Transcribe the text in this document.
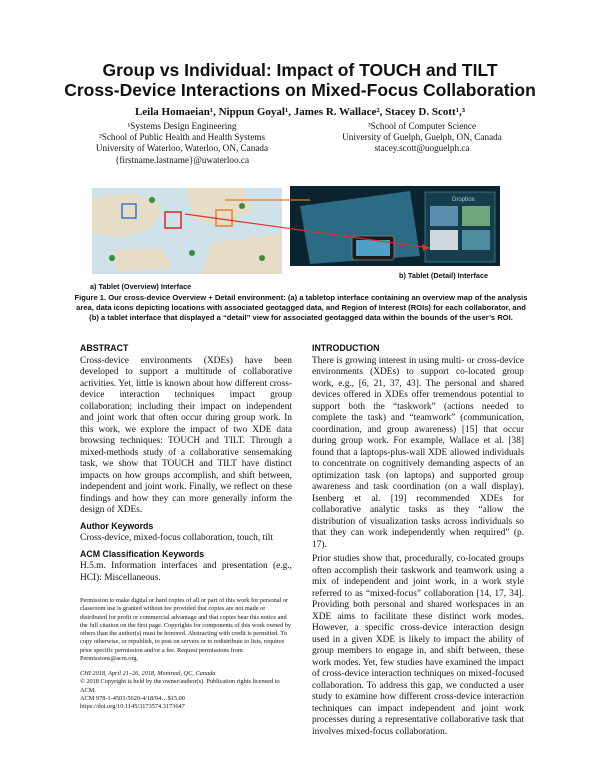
Group vs Individual: Impact of TOUCH and TILT
Cross-Device Interactions on Mixed-Focus Collaboration
Leila Homaeian¹, Nippun Goyal¹, James R. Wallace², Stacey D. Scott¹,³
¹Systems Design Engineering
²School of Public Health and Health Systems
University of Waterloo, Waterloo, ON, Canada
{firstname.lastname}@uwaterloo.ca
³School of Computer Science
University of Guelph, Guelph, ON, Canada
stacey.scott@uoguelph.ca
Dropbox
a) Tablet (Overview) Interface
b) Tablet (Detail) Interface
Figure 1. Our cross-device Overview + Detail environment: (a) a tabletop interface containing an overview map of the analysis area, data icons depicting locations with associated geotagged data, and Region of Interest (ROIs) for each collaborator, and (b) a tablet interface that displayed a “detail” view for associated geotagged data within the bounds of the user’s ROI.
ABSTRACT

Cross-device environments (XDEs) have been developed to support a multitude of collaborative activities. Yet, little is known about how different cross-device interaction techniques impact group collaboration; including their impact on independent and joint work that often occur during group work. In this work, we explore the impact of two XDE data browsing techniques: TOUCH and TILT. Through a mixed-methods study of a collaborative sensemaking task, we show that TOUCH and TILT have distinct impacts on how groups accomplish, and shift between, independent and joint work. Finally, we reflect on these findings and how they can more generally inform the design of XDEs.

Author Keywords

Cross-device, mixed-focus collaboration, touch, tilt

ACM Classification Keywords

H.5.m. Information interfaces and presentation (e.g., HCI): Miscellaneous.

Permission to make digital or hard copies of all or part of this work for personal or classroom use is granted without fee provided that copies are not made or distributed for profit or commercial advantage and that copies bear this notice and the full citation on the first page. Copyrights for components of this work owned by others than the author(s) must be honored. Abstracting with credit is permitted. To copy otherwise, or republish, to post on servers or to redistribute to lists, requires prior specific permission and/or a fee. Request permissions from Permissions@acm.org.
CHI 2018, April 21–26, 2018, Montreal, QC, Canada
© 2018 Copyright is held by the owner/author(s). Publication rights licensed to ACM.
ACM 978-1-4503-5620-4/18/04…$15.00
https://doi.org/10.1145/3173574.3173647
INTRODUCTION

There is growing interest in using multi- or cross-device environments (XDEs) to support co-located group work, e.g., [6, 21, 37, 43]. The personal and shared devices offered in XDEs offer tremendous potential to support both the “taskwork” (actions needed to complete the task) and “teamwork” (communication, coordination, and group awareness) [15] that occur during group work. For example, Wallace et al. [38] found that a laptops-plus-wall XDE allowed individuals to concentrate on cognitively demanding aspects of an optimization task (on laptops) and supported group awareness and task coordination (on a wall display). Isenberg et al. [19] recommended XDEs for collaborative analytic tasks as they “allow the distribution of visualization tasks across individuals so that they can work independently when required” (p. 17).

Prior studies show that, procedurally, co-located groups often accomplish their taskwork and teamwork using a mix of independent and joint work, in a work style referred to as “mixed-focus” collaboration [14, 17, 34]. Providing both personal and shared workspaces in an XDE aims to facilitate these distinct work modes. However, a specific cross-device interaction design used in a given XDE is likely to impact the ability of group members to engage in, and shift between, these work modes. Yet, few studies have examined the impact of cross-device interaction techniques on mixed-focused collaboration. To address this gap, we conducted a user study to examine how different cross-device interaction techniques can impact independent and joint work processes during a representative collaborative task that involves mixed-focus collaboration.
